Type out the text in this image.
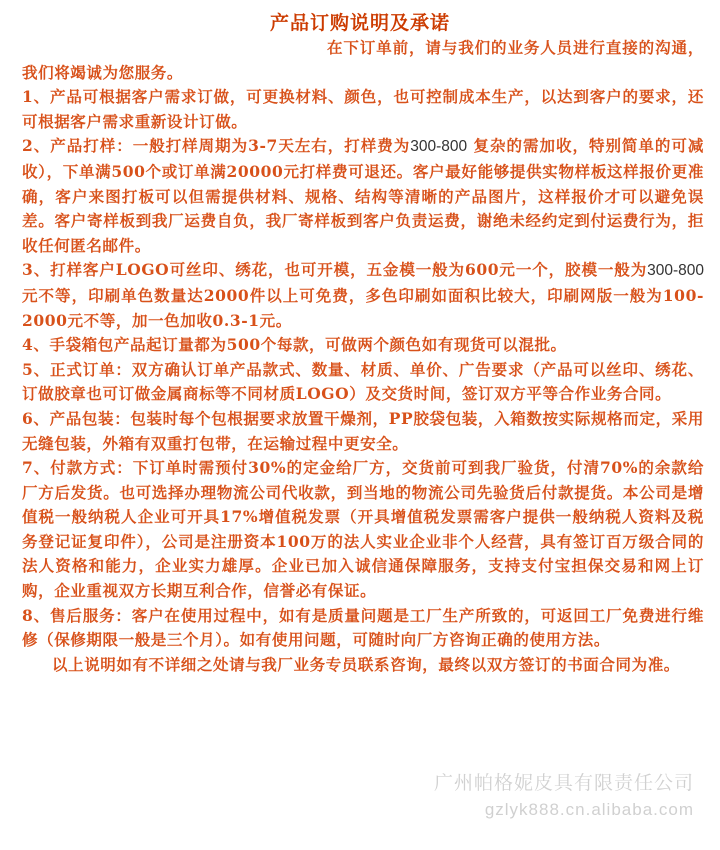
产品订购说明及承诺

在下订单前，请与我们的业务人员进行直接的沟通，我们将竭诚为您服务。

1、产品可根据客户需求订做，可更换材料、颜色，也可控制成本生产，以达到客户的要求，还可根据客户需求重新设计订做。

2、产品打样：一般打样周期为3-7天左右，打样费为300-800 复杂的需加收，特别简单的可减收），下单满500个或订单满20000元打样费可退还。客户最好能够提供实物样板这样报价更准确，客户来图打板可以但需提供材料、规格、结构等清晰的产品图片，这样报价才可以避免误差。客户寄样板到我厂运费自负，我厂寄样板到客户负责运费，谢绝未经约定到付运费行为，拒收任何匿名邮件。

3、打样客户LOGO可丝印、绣花，也可开模，五金模一般为600元一个，胶模一般为300-800元不等，印刷单色数量达2000件以上可免费，多色印刷如面积比较大，印刷网版一般为100-2000元不等，加一色加收0.3-1元。

4、手袋箱包产品起订量都为500个每款，可做两个颜色如有现货可以混批。

5、正式订单：双方确认订单产品款式、数量、材质、单价、广告要求（产品可以丝印、绣花、订做胶章也可订做金属商标等不同材质LOGO）及交货时间，签订双方平等合作业务合同。

6、产品包装：包装时每个包根据要求放置干燥剂，PP胶袋包装，入箱数按实际规格而定，采用无缝包装，外箱有双重打包带，在运输过程中更安全。

7、付款方式：下订单时需预付30%的定金给厂方，交货前可到我厂验货，付清70%的余款给厂方后发货。也可选择办理物流公司代收款，到当地的物流公司先验货后付款提货。本公司是增值税一般纳税人企业可开具17%增值税发票（开具增值税发票需客户提供一般纳税人资料及税务登记证复印件），公司是注册资本100万的法人实业企业非个人经营，具有签订百万级合同的法人资格和能力，企业实力雄厚。企业已加入诚信通保障服务，支持支付宝担保交易和网上订购，企业重视双方长期互利合作，信誉必有保证。

8、售后服务：客户在使用过程中，如有是质量问题是工厂生产所致的，可返回工厂免费进行维修（保修期限一般是三个月）。如有使用问题，可随时向厂方咨询正确的使用方法。

以上说明如有不详细之处请与我厂业务专员联系咨询，最终以双方签订的书面合同为准。

广州帕格妮皮具有限责任公司
gzlyk888.cn.alibaba.com
